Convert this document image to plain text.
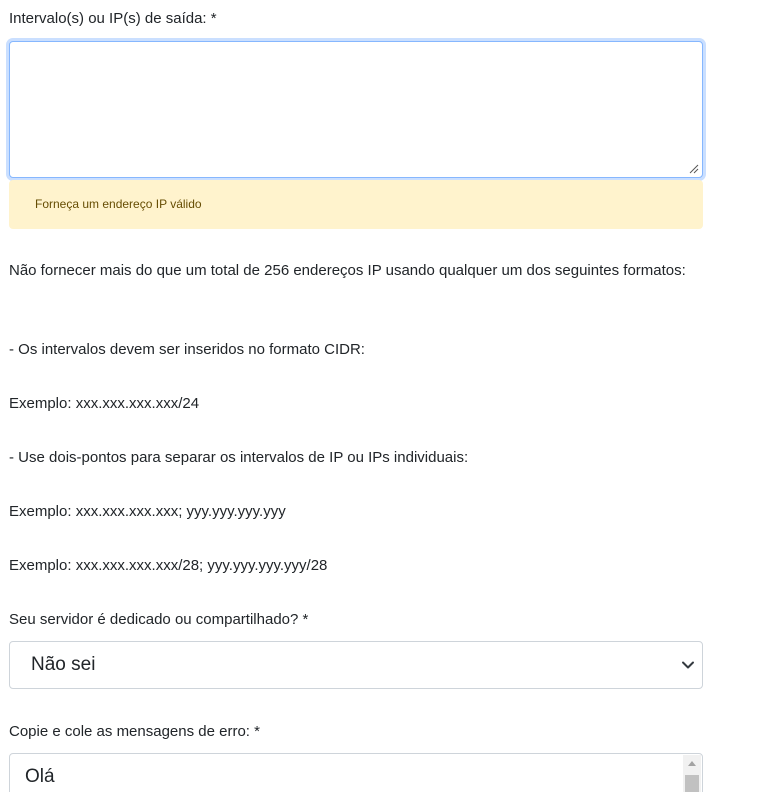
Intervalo(s) ou IP(s) de saída: *
Forneça um endereço IP válido
Não fornecer mais do que um total de 256 endereços IP usando qualquer um dos seguintes formatos:
- Os intervalos devem ser inseridos no formato CIDR:
Exemplo: xxx.xxx.xxx.xxx/24
- Use dois-pontos para separar os intervalos de IP ou IPs individuais:
Exemplo: xxx.xxx.xxx.xxx; yyy.yyy.yyy.yyy
Exemplo: xxx.xxx.xxx.xxx/28; yyy.yyy.yyy.yyy/28
Seu servidor é dedicado ou compartilhado? *
Não sei
Copie e cole as mensagens de erro: *
Olá
